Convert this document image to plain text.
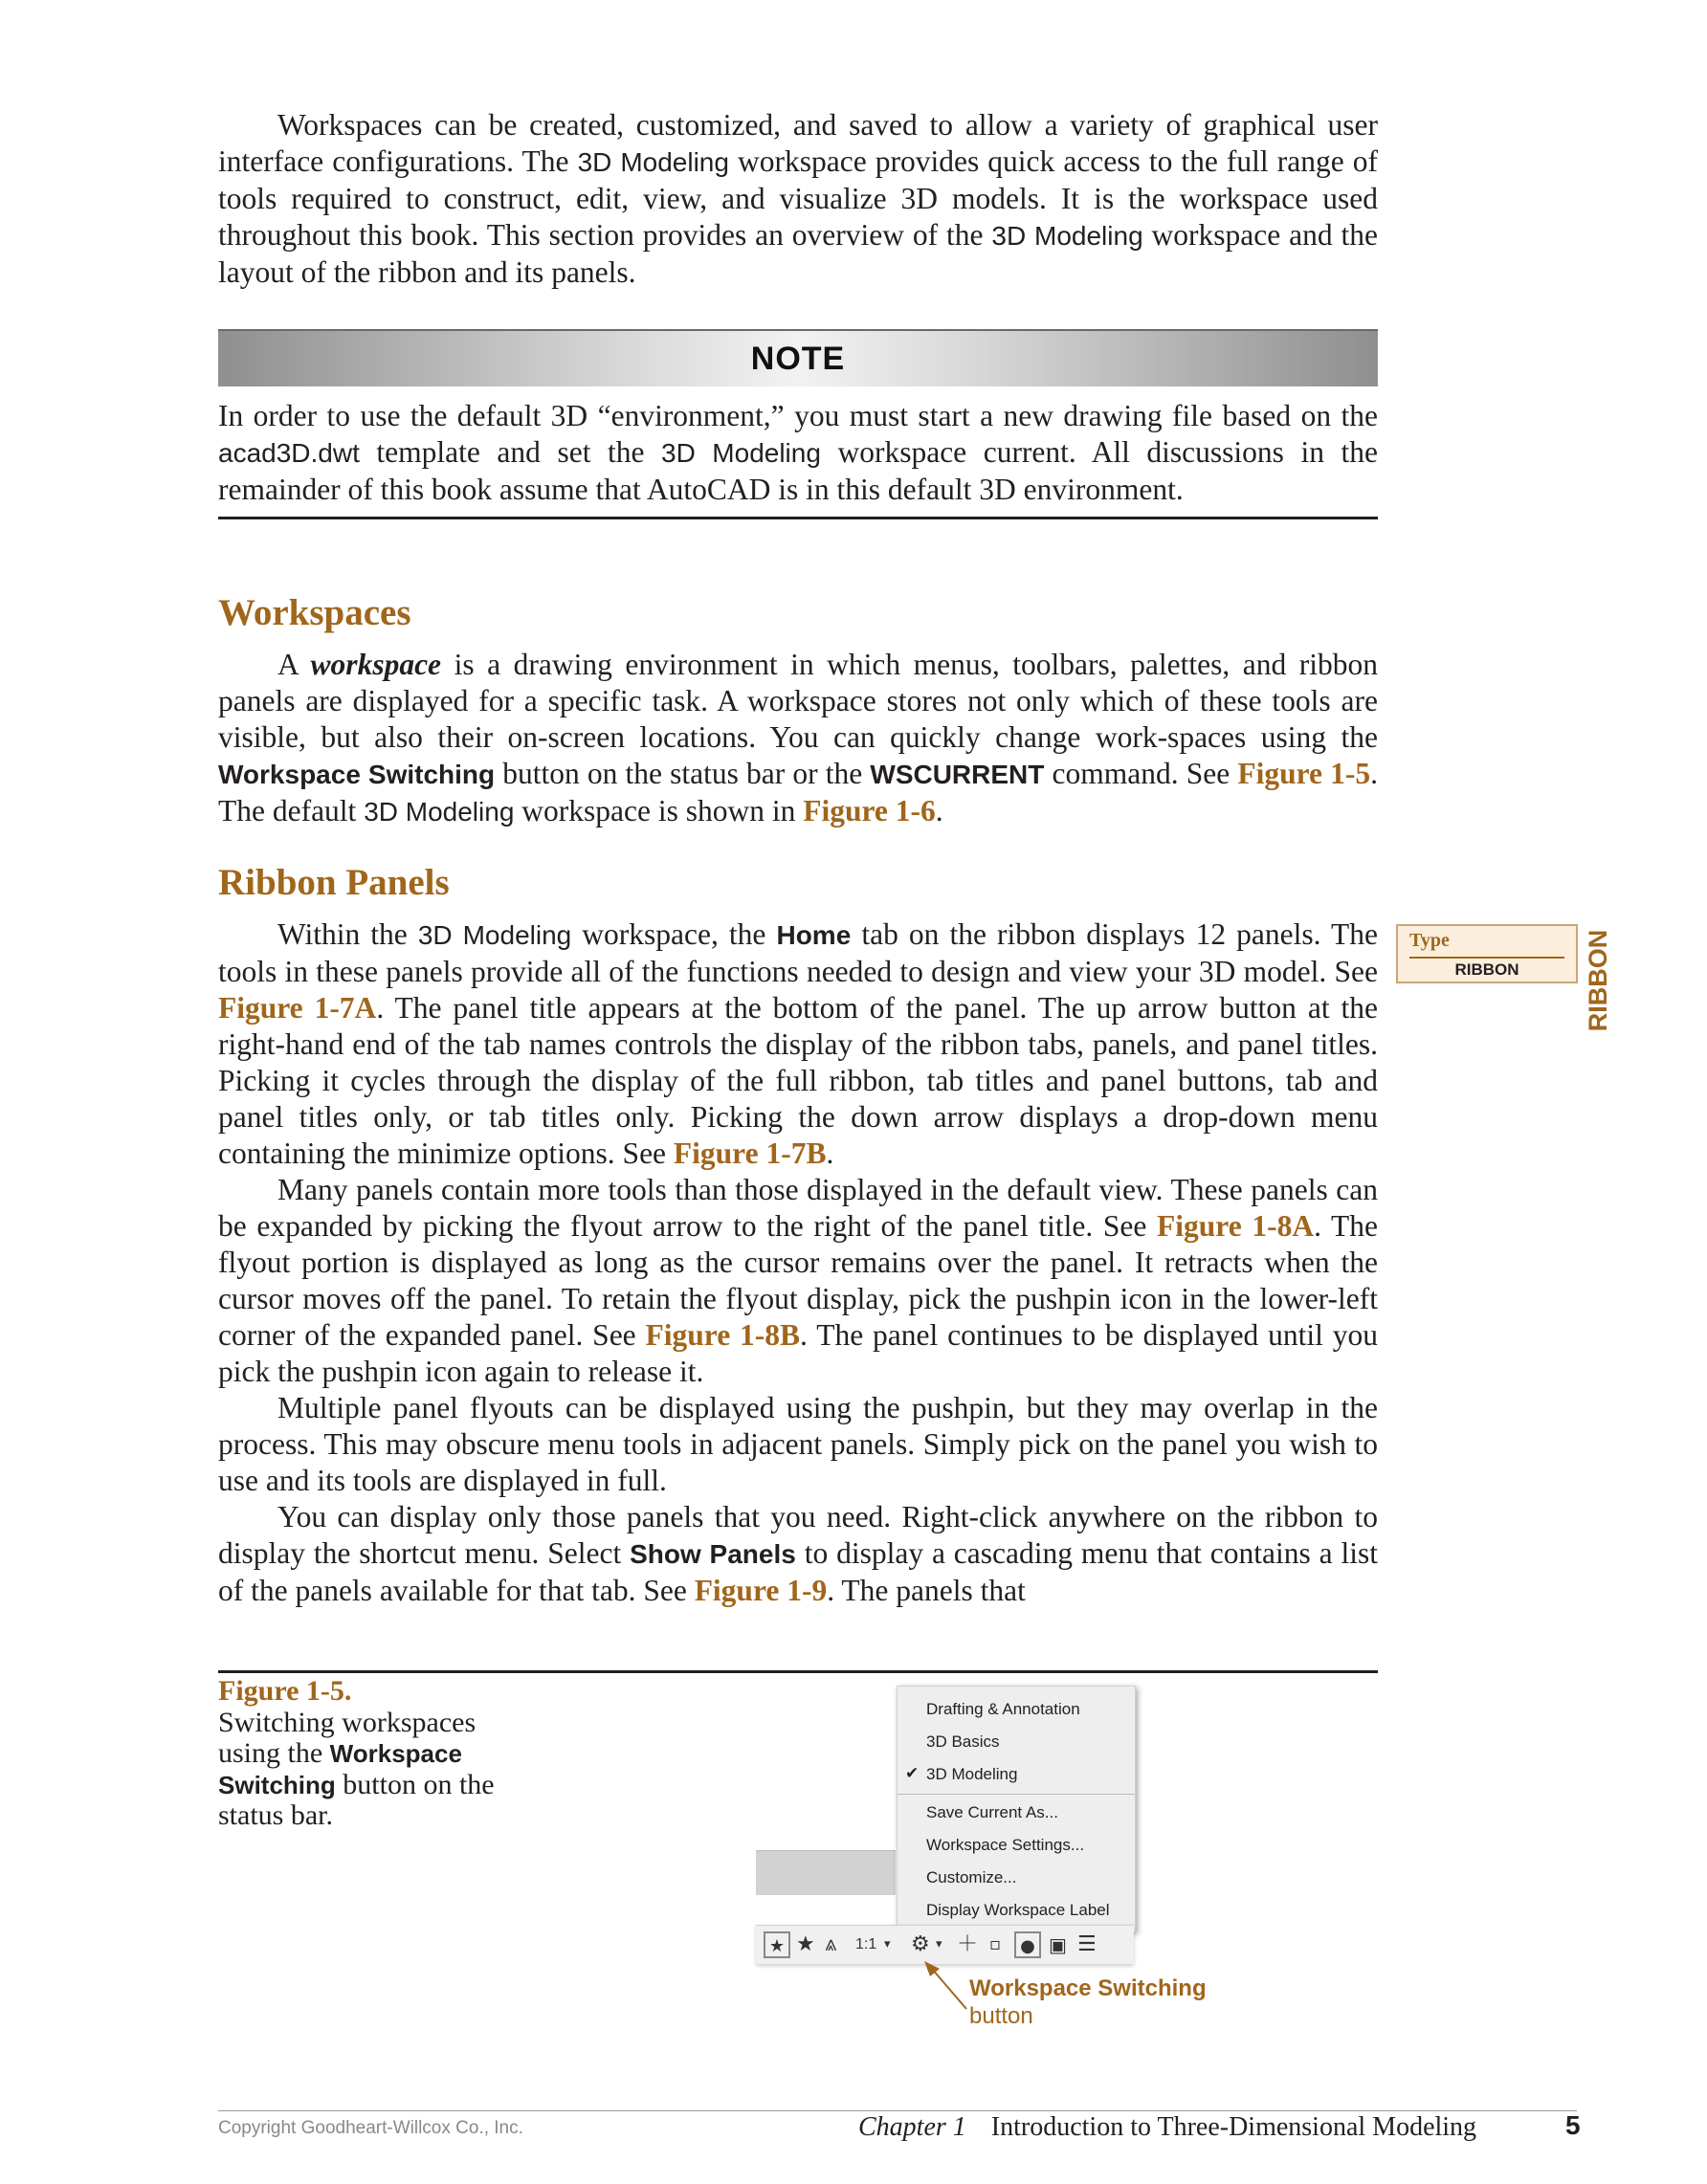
Workspaces can be created, customized, and saved to allow a variety of graphical user interface configurations. The 3D Modeling workspace provides quick access to the full range of tools required to construct, edit, view, and visualize 3D models. It is the workspace used throughout this book. This section provides an overview of the 3D Modeling workspace and the layout of the ribbon and its panels.

NOTE

In order to use the default 3D “environment,” you must start a new drawing file based on the acad3D.dwt template and set the 3D Modeling workspace current. All discussions in the remainder of this book assume that AutoCAD is in this default 3D environment.

Workspaces

A workspace is a drawing environment in which menus, toolbars, palettes, and ribbon panels are displayed for a specific task. A workspace stores not only which of these tools are visible, but also their on-screen locations. You can quickly change work-spaces using the Workspace Switching button on the status bar or the WSCURRENT command. See Figure 1-5. The default 3D Modeling workspace is shown in Figure 1-6.

Ribbon Panels

Within the 3D Modeling workspace, the Home tab on the ribbon displays 12 panels. The tools in these panels provide all of the functions needed to design and view your 3D model. See Figure 1-7A. The panel title appears at the bottom of the panel. The up arrow button at the right-hand end of the tab names controls the display of the ribbon tabs, panels, and panel titles. Picking it cycles through the display of the full ribbon, tab titles and panel buttons, tab and panel titles only, or tab titles only. Picking the down arrow displays a drop-down menu containing the minimize options. See Figure 1-7B.

Many panels contain more tools than those displayed in the default view. These panels can be expanded by picking the flyout arrow to the right of the panel title. See Figure 1-8A. The flyout portion is displayed as long as the cursor remains over the panel. It retracts when the cursor moves off the panel. To retain the flyout display, pick the pushpin icon in the lower-left corner of the expanded panel. See Figure 1-8B. The panel continues to be displayed until you pick the pushpin icon again to release it.

Multiple panel flyouts can be displayed using the pushpin, but they may overlap in the process. This may obscure menu tools in adjacent panels. Simply pick on the panel you wish to use and its tools are displayed in full.

You can display only those panels that you need. Right-click anywhere on the ribbon to display the shortcut menu. Select Show Panels to display a cascading menu that contains a list of the panels available for that tab. See Figure 1-9. The panels that

Type
RIBBON	RIBBON
Figure 1-5.
Switching workspaces using the Workspace Switching button on the status bar.
Drafting & Annotation
3D Basics
✔ 3D Modeling
Save Current As...
Workspace Settings...
Customize...
Display Workspace Label
★ ★ ⩓ 1:1 ▾ ⚙ ▾ ＋ ▫	● ▣ ☰
Workspace Switching
button
Copyright Goodheart-Willcox Co., Inc.	Chapter 1 Introduction to Three-Dimensional Modeling	5
